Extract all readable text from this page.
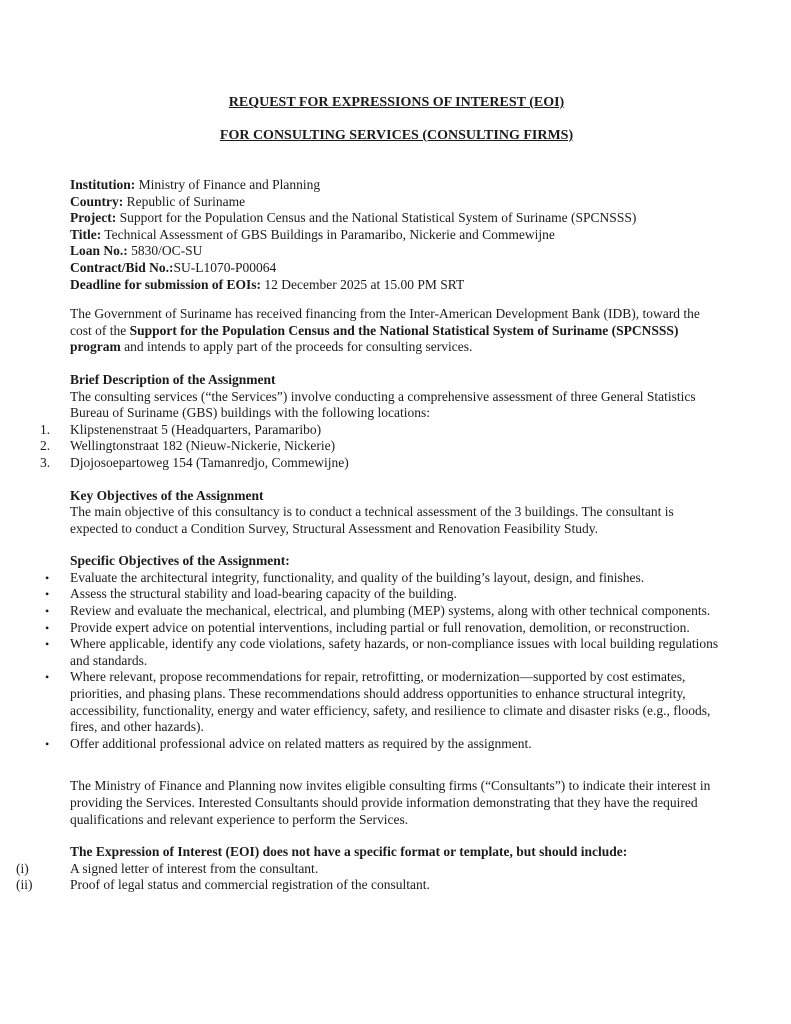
REQUEST FOR EXPRESSIONS OF INTEREST (EOI)
FOR CONSULTING SERVICES (CONSULTING FIRMS)
Institution: Ministry of Finance and Planning
Country: Republic of Suriname
Project: Support for the Population Census and the National Statistical System of Suriname (SPCNSSS)
Title: Technical Assessment of GBS Buildings in Paramaribo, Nickerie and Commewijne
Loan No.: 5830/OC-SU
Contract/Bid No.:SU-L1070-P00064
Deadline for submission of EOIs: 12 December 2025 at 15.00 PM SRT
The Government of Suriname has received financing from the Inter-American Development Bank (IDB), toward the cost of the Support for the Population Census and the National Statistical System of Suriname (SPCNSSS) program and intends to apply part of the proceeds for consulting services.
Brief Description of the Assignment
The consulting services (“the Services”) involve conducting a comprehensive assessment of three General Statistics Bureau of Suriname (GBS) buildings with the following locations:
1.	Klipstenenstraat 5 (Headquarters, Paramaribo)
2.	Wellingtonstraat 182 (Nieuw-Nickerie, Nickerie)
3.	Djojosoepartoweg 154 (Tamanredjo, Commewijne)
Key Objectives of the Assignment
The main objective of this consultancy is to conduct a technical assessment of the 3 buildings. The consultant is expected to conduct a Condition Survey, Structural Assessment and Renovation Feasibility Study.
Specific Objectives of the Assignment:
•	Evaluate the architectural integrity, functionality, and quality of the building’s layout, design, and finishes.
•	Assess the structural stability and load-bearing capacity of the building.
•	Review and evaluate the mechanical, electrical, and plumbing (MEP) systems, along with other technical components.
•	Provide expert advice on potential interventions, including partial or full renovation, demolition, or reconstruction.
•	Where applicable, identify any code violations, safety hazards, or non-compliance issues with local building regulations and standards.
•	Where relevant, propose recommendations for repair, retrofitting, or modernization—supported by cost estimates, priorities, and phasing plans. These recommendations should address opportunities to enhance structural integrity, accessibility, functionality, energy and water efficiency, safety, and resilience to climate and disaster risks (e.g., floods, fires, and other hazards).
•	Offer additional professional advice on related matters as required by the assignment.
The Ministry of Finance and Planning now invites eligible consulting firms (“Consultants”) to indicate their interest in providing the Services. Interested Consultants should provide information demonstrating that they have the required qualifications and relevant experience to perform the Services.
The Expression of Interest (EOI) does not have a specific format or template, but should include:
(i)	A signed letter of interest from the consultant.
(ii)	Proof of legal status and commercial registration of the consultant.
